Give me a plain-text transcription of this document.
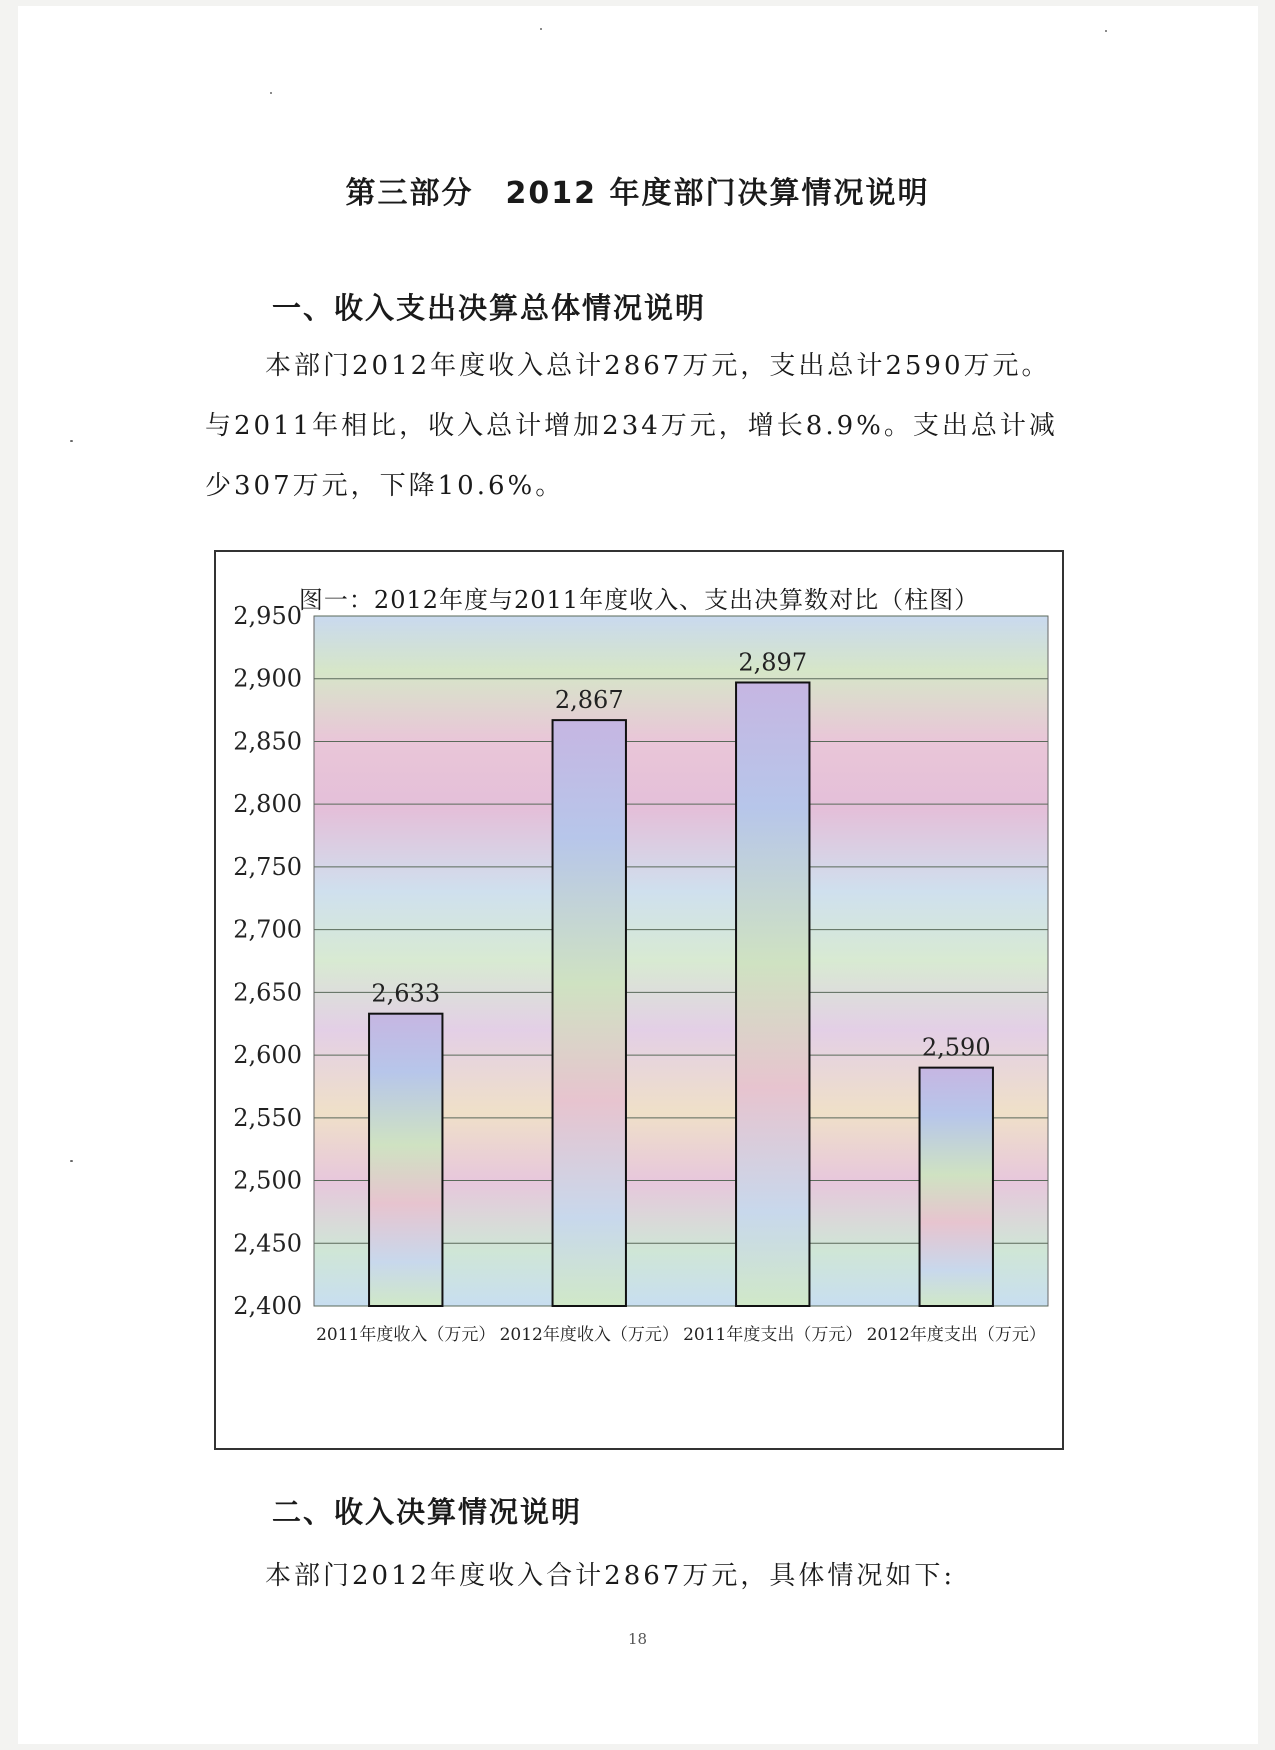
第三部分　2012 年度部门决算情况说明
一、收入支出决算总体情况说明

本部门2012年度收入总计2867万元，支出总计2590万元。与2011年相比，收入总计增加234万元，增长8.9%。支出总计减少307万元，下降10.6%。

图一：2012年度与2011年度收入、支出决算数对比（柱图）
2,400
2,450
2,500
2,550
2,600
2,650
2,700
2,750
2,800
2,850
2,900
2,950
2,633
2,867
2,897
2,590
2011年度收入（万元） 2012年度收入（万元） 2011年度支出（万元） 2012年度支出（万元）
二、收入决算情况说明

本部门2012年度收入合计2867万元，具体情况如下:

18
